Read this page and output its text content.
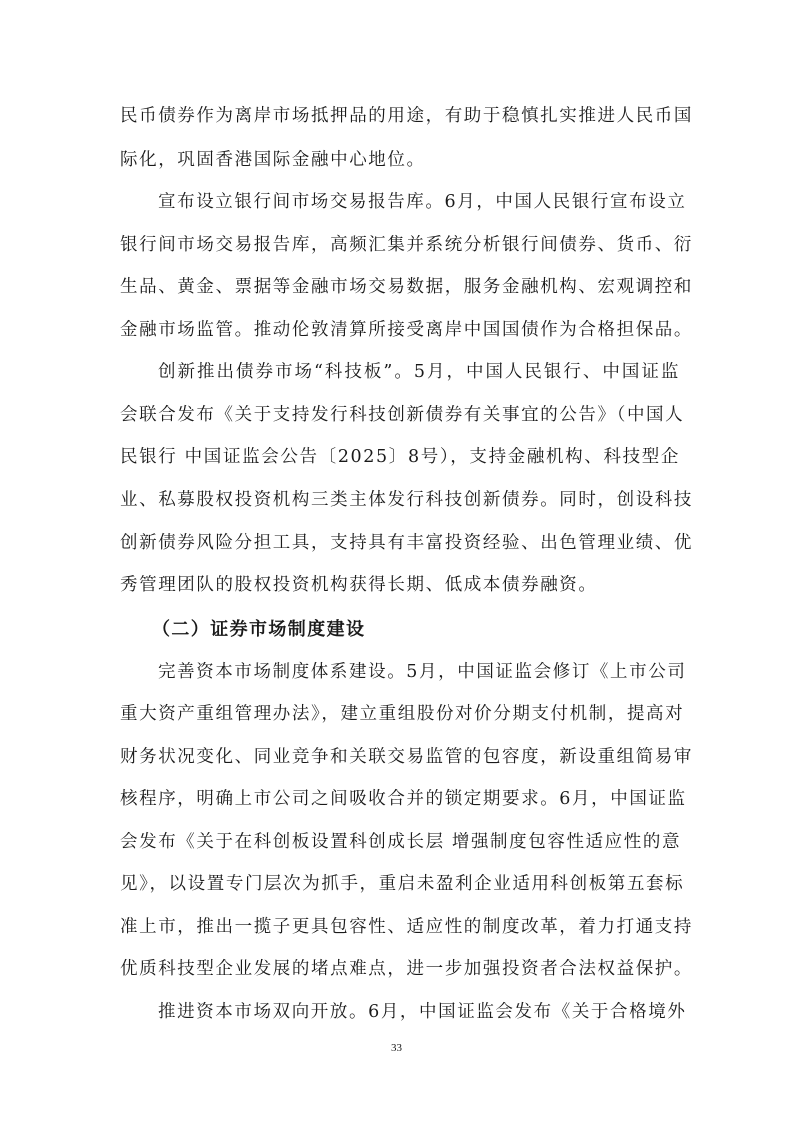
民币债券作为离岸市场抵押品的用途，有助于稳慎扎实推进人民币国
际化，巩固香港国际金融中心地位。
宣布设立银行间市场交易报告库。6月，中国人民银行宣布设立
银行间市场交易报告库，高频汇集并系统分析银行间债券、货币、衍
生品、黄金、票据等金融市场交易数据，服务金融机构、宏观调控和
金融市场监管。推动伦敦清算所接受离岸中国国债作为合格担保品。
创新推出债券市场“科技板”。5月，中国人民银行、中国证监
会联合发布《关于支持发行科技创新债券有关事宜的公告》（中国人
民银行 中国证监会公告〔2025〕8号），支持金融机构、科技型企
业、私募股权投资机构三类主体发行科技创新债券。同时，创设科技
创新债券风险分担工具，支持具有丰富投资经验、出色管理业绩、优
秀管理团队的股权投资机构获得长期、低成本债券融资。
（二）证券市场制度建设
完善资本市场制度体系建设。5月，中国证监会修订《上市公司
重大资产重组管理办法》，建立重组股份对价分期支付机制，提高对
财务状况变化、同业竞争和关联交易监管的包容度，新设重组简易审
核程序，明确上市公司之间吸收合并的锁定期要求。6月，中国证监
会发布《关于在科创板设置科创成长层 增强制度包容性适应性的意
见》，以设置专门层次为抓手，重启未盈利企业适用科创板第五套标
准上市，推出一揽子更具包容性、适应性的制度改革，着力打通支持
优质科技型企业发展的堵点难点，进一步加强投资者合法权益保护。
推进资本市场双向开放。6月，中国证监会发布《关于合格境外
33
